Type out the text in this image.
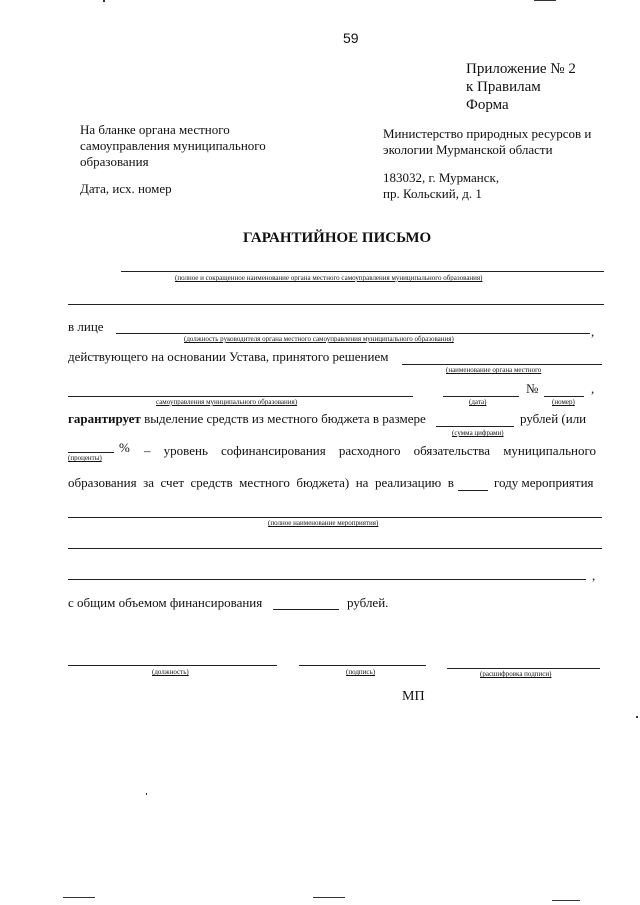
59
Приложение № 2
к Правилам
Форма
На бланке органа местного
самоуправления муниципального
образования
Дата, исх. номер
Министерство природных ресурсов и
экологии Мурманской области
183032, г. Мурманск,
пр. Кольский, д. 1
ГАРАНТИЙНОЕ ПИСЬМО
(полное и сокращенное наименование органа местного самоуправления муниципального образования)
в лице	,
(должность руководителя органа местного самоуправления муниципального образования)
действующего на основании Устава, принятого решением
(наименование органа местного
самоуправления муниципального образования)
№	,
(дата)	(номер)
гарантирует выделение средств из местного бюджета в размере
(сумма цифрами)
рублей (или
(проценты)
% – уровень софинансирования расходного обязательства муниципального
образования за счет средств местного бюджета) на реализацию в	году мероприятия
(полное наименование мероприятия)
,
с общим объемом финансирования	рублей.
(должность)	(подпись)	(расшифровка подписи)
МП
